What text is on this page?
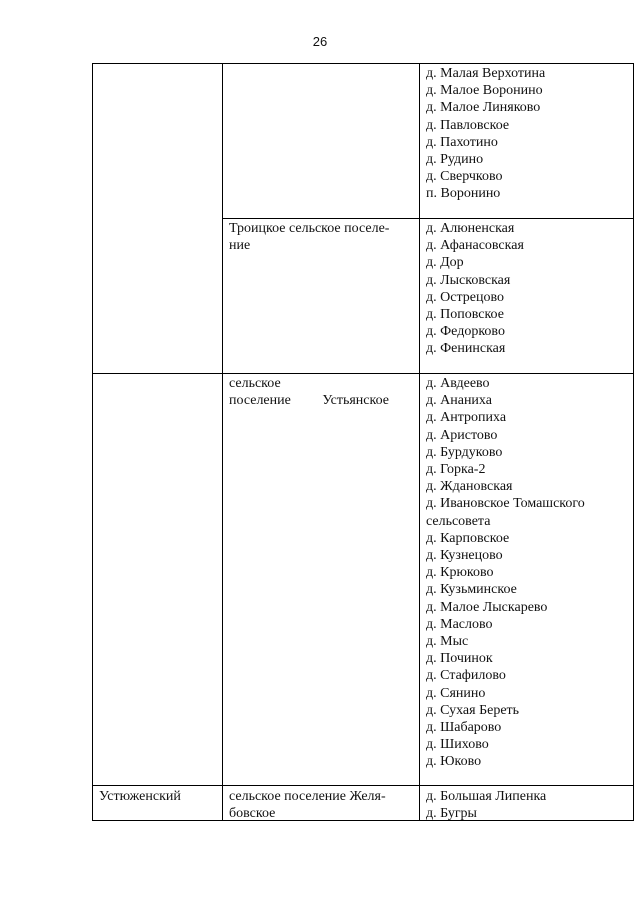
26
д. Малая Верхотина
д. Малое Воронино
д. Малое Линяково
д. Павловское
д. Пахотино
д. Рудино
д. Сверчково
п. Воронино
Троицкое сельское поселе-
ние
д. Алюненская
д. Афанасовская
д. Дор
д. Лысковская
д. Острецово
д. Поповское
д. Федорково
д. Фенинская
сельское
поселение Устьянское
д. Авдеево
д. Ананиха
д. Антропиха
д. Аристово
д. Бурдуково
д. Горка-2
д. Ждановская
д. Ивановское Томашского
сельсовета
д. Карповское
д. Кузнецово
д. Крюково
д. Кузьминское
д. Малое Лыскарево
д. Маслово
д. Мыс
д. Починок
д. Стафилово
д. Сянино
д. Сухая Береть
д. Шабарово
д. Шихово
д. Юково
Устюженский	сельское поселение Желя-
бовское
д. Большая Липенка
д. Бугры
